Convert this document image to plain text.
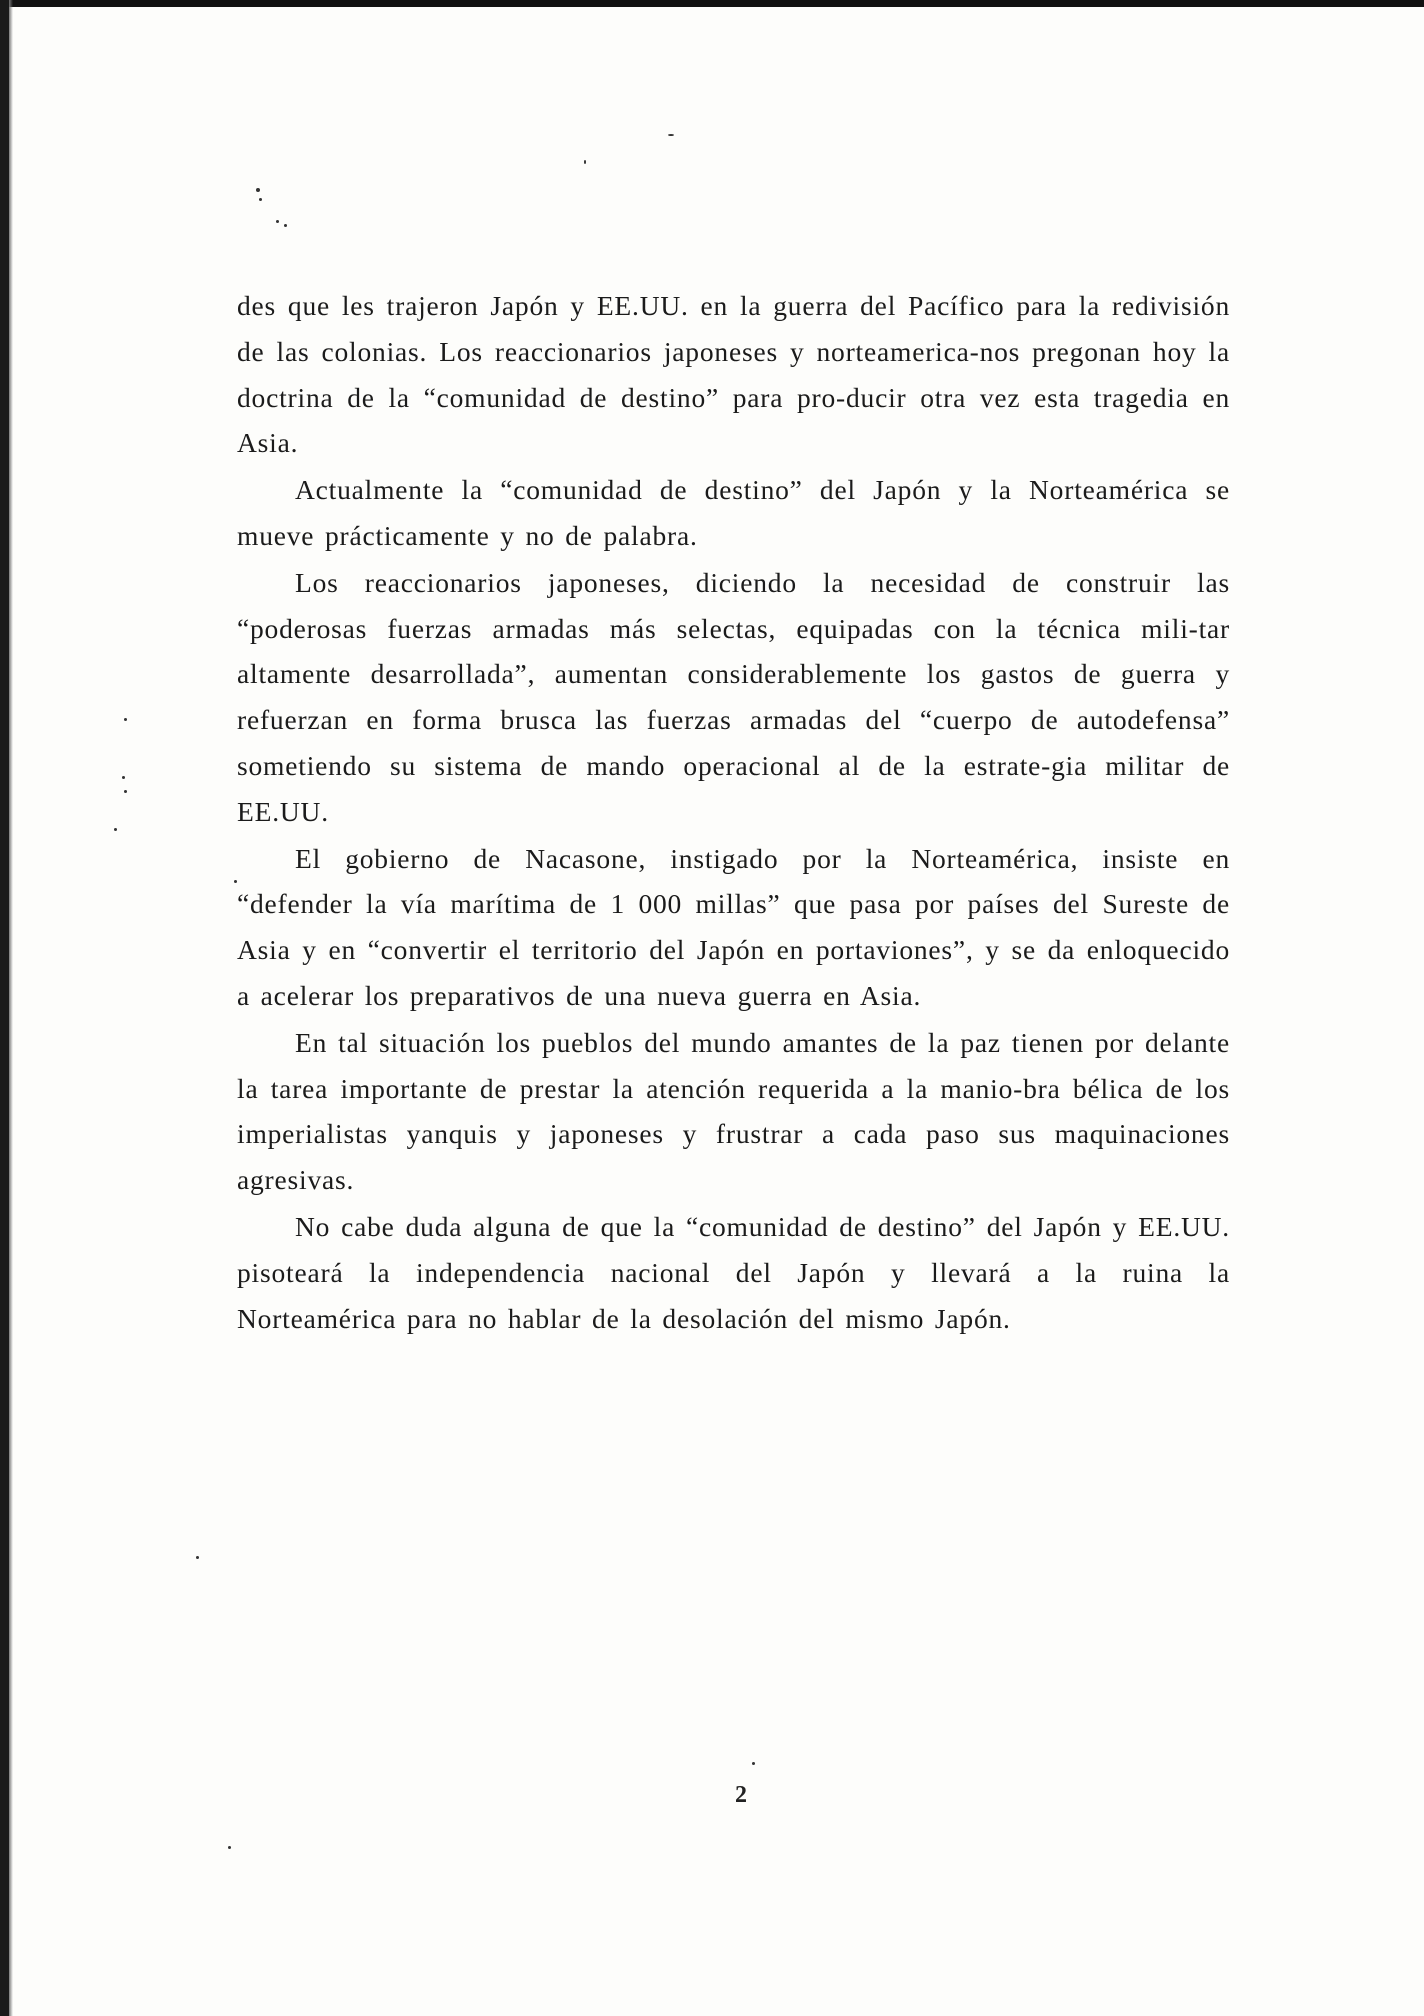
des que les trajeron Japón y EE.UU. en la guerra del Pacífico para la redivisión de las colonias. Los reaccionarios japoneses y norteamerica-nos pregonan hoy la doctrina de la “comunidad de destino” para pro-ducir otra vez esta tragedia en Asia.

Actualmente la “comunidad de destino” del Japón y la Norteamérica se mueve prácticamente y no de palabra.

Los reaccionarios japoneses, diciendo la necesidad de construir las “poderosas fuerzas armadas más selectas, equipadas con la técnica mili-tar altamente desarrollada”, aumentan considerablemente los gastos de guerra y refuerzan en forma brusca las fuerzas armadas del “cuerpo de autodefensa” sometiendo su sistema de mando operacional al de la estrate-gia militar de EE.UU.

El gobierno de Nacasone, instigado por la Norteamérica, insiste en “defender la vía marítima de 1 000 millas” que pasa por países del Sureste de Asia y en “convertir el territorio del Japón en portaviones”, y se da enloquecido a acelerar los preparativos de una nueva guerra en Asia.

En tal situación los pueblos del mundo amantes de la paz tienen por delante la tarea importante de prestar la atención requerida a la manio-bra bélica de los imperialistas yanquis y japoneses y frustrar a cada paso sus maquinaciones agresivas.

No cabe duda alguna de que la “comunidad de destino” del Japón y EE.UU. pisoteará la independencia nacional del Japón y llevará a la ruina la Norteamérica para no hablar de la desolación del mismo Japón.

2
